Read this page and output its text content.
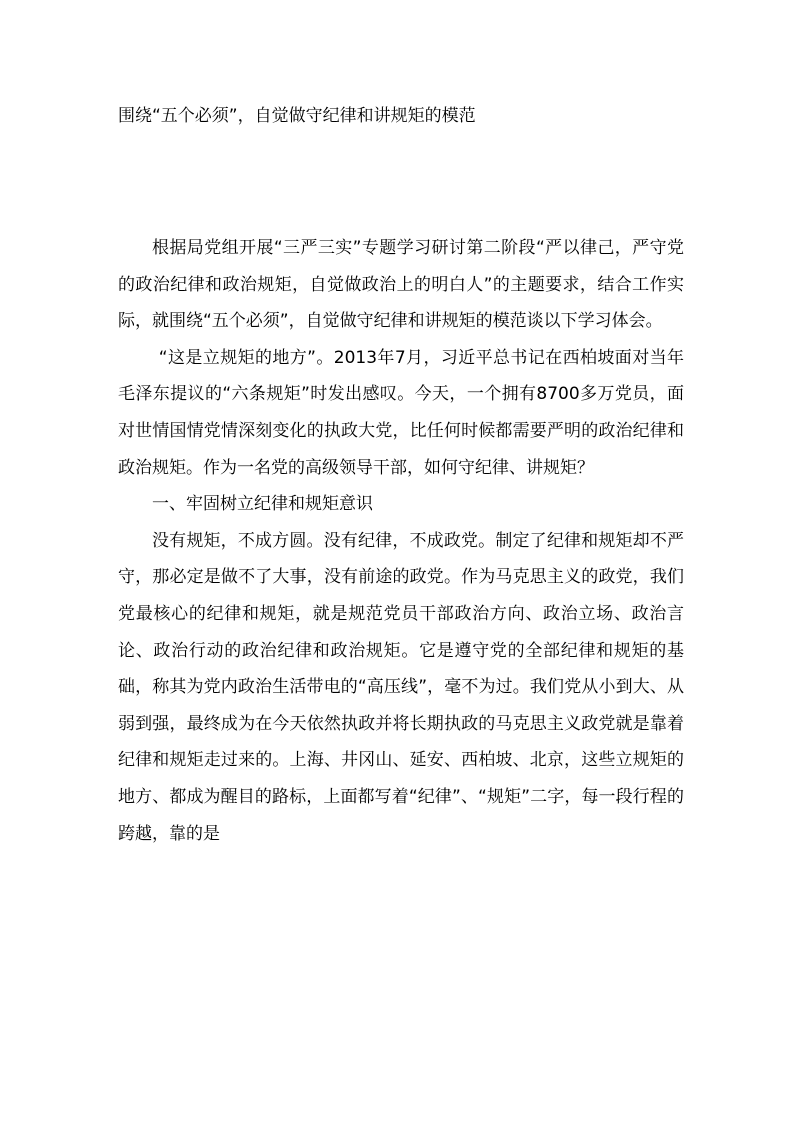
围绕“五个必须”，自觉做守纪律和讲规矩的模范

根据局党组开展“三严三实”专题学习研讨第二阶段“严以律己，严守党的政治纪律和政治规矩，自觉做政治上的明白人”的主题要求，结合工作实际，就围绕“五个必须”，自觉做守纪律和讲规矩的模范谈以下学习体会。

“这是立规矩的地方”。2013年7月，习近平总书记在西柏坡面对当年毛泽东提议的“六条规矩”时发出感叹。今天，一个拥有8700多万党员，面对世情国情党情深刻变化的执政大党，比任何时候都需要严明的政治纪律和政治规矩。作为一名党的高级领导干部，如何守纪律、讲规矩？

一、牢固树立纪律和规矩意识

没有规矩，不成方圆。没有纪律，不成政党。制定了纪律和规矩却不严守，那必定是做不了大事，没有前途的政党。作为马克思主义的政党，我们党最核心的纪律和规矩，就是规范党员干部政治方向、政治立场、政治言论、政治行动的政治纪律和政治规矩。它是遵守党的全部纪律和规矩的基础，称其为党内政治生活带电的“高压线”，毫不为过。我们党从小到大、从弱到强，最终成为在今天依然执政并将长期执政的马克思主义政党就是靠着纪律和规矩走过来的。上海、井冈山、延安、西柏坡、北京，这些立规矩的地方、都成为醒目的路标，上面都写着“纪律”、“规矩”二字，每一段行程的跨越，靠的是
